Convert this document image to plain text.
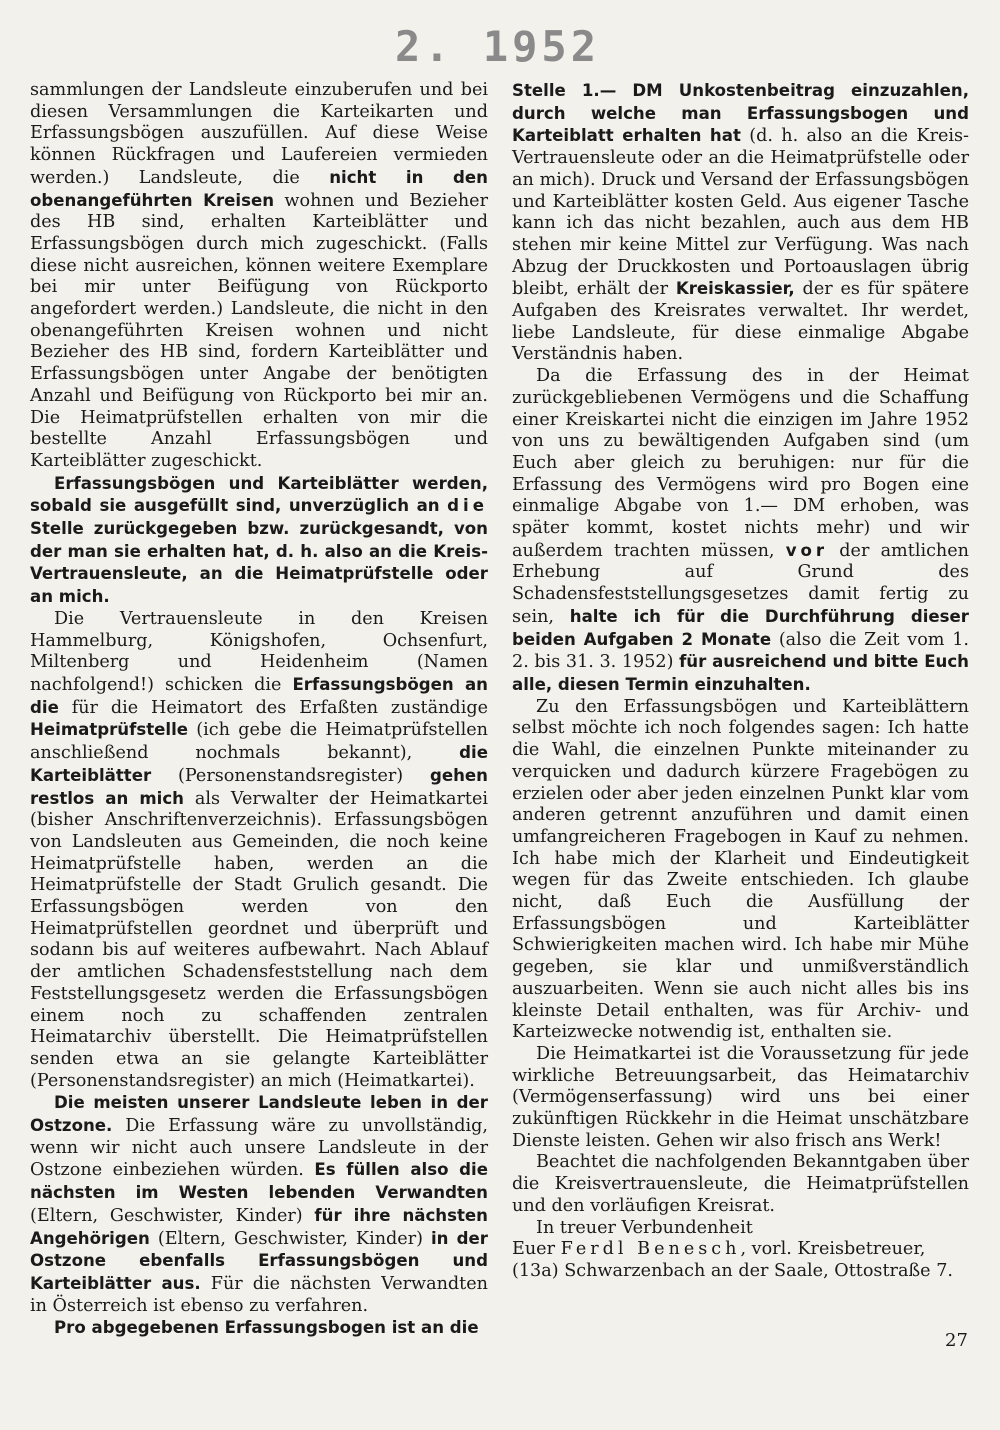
2. 1952

sammlungen der Landsleute einzuberufen und bei diesen Versammlungen die Karteikarten und Erfassungsbögen auszufüllen. Auf diese Weise können Rückfragen und Laufereien vermieden werden.) Landsleute, die nicht in den obenangeführten Kreisen wohnen und Bezieher des HB sind, erhalten Karteiblätter und Erfassungsbögen durch mich zugeschickt. (Falls diese nicht ausreichen, können weitere Exemplare bei mir unter Beifügung von Rückporto angefordert werden.) Landsleute, die nicht in den obenangeführten Kreisen wohnen und nicht Bezieher des HB sind, fordern Karteiblätter und Erfassungsbögen unter Angabe der benötigten Anzahl und Beifügung von Rückporto bei mir an. Die Heimatprüfstellen erhalten von mir die bestellte Anzahl Erfassungsbögen und Karteiblätter zugeschickt.

Erfassungsbögen und Karteiblätter werden, sobald sie ausgefüllt sind, unverzüglich an die Stelle zurückgegeben bzw. zurückgesandt, von der man sie erhalten hat, d. h. also an die Kreis-Vertrauensleute, an die Heimatprüfstelle oder an mich.

Die Vertrauensleute in den Kreisen Hammelburg, Königshofen, Ochsenfurt, Miltenberg und Heidenheim (Namen nachfolgend!) schicken die Erfassungsbögen an die für die Heimatort des Erfaßten zuständige Heimatprüfstelle (ich gebe die Heimatprüfstellen anschließend nochmals bekannt), die Karteiblätter (Personenstandsregister) gehen restlos an mich als Verwalter der Heimatkartei (bisher Anschriftenverzeichnis). Erfassungsbögen von Landsleuten aus Gemeinden, die noch keine Heimatprüfstelle haben, werden an die Heimatprüfstelle der Stadt Grulich gesandt. Die Erfassungsbögen werden von den Heimatprüfstellen geordnet und überprüft und sodann bis auf weiteres aufbewahrt. Nach Ablauf der amtlichen Schadensfeststellung nach dem Feststellungsgesetz werden die Erfassungsbögen einem noch zu schaffenden zentralen Heimatarchiv überstellt. Die Heimatprüfstellen senden etwa an sie gelangte Karteiblätter (Personenstandsregister) an mich (Heimatkartei).

Die meisten unserer Landsleute leben in der Ostzone. Die Erfassung wäre zu unvollständig, wenn wir nicht auch unsere Landsleute in der Ostzone einbeziehen würden. Es füllen also die nächsten im Westen lebenden Verwandten (Eltern, Geschwister, Kinder) für ihre nächsten Angehörigen (Eltern, Geschwister, Kinder) in der Ostzone ebenfalls Erfassungsbögen und Karteiblätter aus. Für die nächsten Verwandten in Österreich ist ebenso zu verfahren.

Pro abgegebenen Erfassungsbogen ist an die

Stelle 1.— DM Unkostenbeitrag einzuzahlen, durch welche man Erfassungsbogen und Karteiblatt erhalten hat (d. h. also an die Kreis-Vertrauensleute oder an die Heimatprüfstelle oder an mich). Druck und Versand der Erfassungsbögen und Karteiblätter kosten Geld. Aus eigener Tasche kann ich das nicht bezahlen, auch aus dem HB stehen mir keine Mittel zur Verfügung. Was nach Abzug der Druckkosten und Portoauslagen übrig bleibt, erhält der Kreiskassier, der es für spätere Aufgaben des Kreisrates verwaltet. Ihr werdet, liebe Landsleute, für diese einmalige Abgabe Verständnis haben.

Da die Erfassung des in der Heimat zurückgebliebenen Vermögens und die Schaffung einer Kreiskartei nicht die einzigen im Jahre 1952 von uns zu bewältigenden Aufgaben sind (um Euch aber gleich zu beruhigen: nur für die Erfassung des Vermögens wird pro Bogen eine einmalige Abgabe von 1.— DM erhoben, was später kommt, kostet nichts mehr) und wir außerdem trachten müssen, vor der amtlichen Erhebung auf Grund des Schadensfeststellungsgesetzes damit fertig zu sein, halte ich für die Durchführung dieser beiden Aufgaben 2 Monate (also die Zeit vom 1. 2. bis 31. 3. 1952) für ausreichend und bitte Euch alle, diesen Termin einzuhalten.

Zu den Erfassungsbögen und Karteiblättern selbst möchte ich noch folgendes sagen: Ich hatte die Wahl, die einzelnen Punkte miteinander zu verquicken und dadurch kürzere Fragebögen zu erzielen oder aber jeden einzelnen Punkt klar vom anderen getrennt anzuführen und damit einen umfangreicheren Fragebogen in Kauf zu nehmen. Ich habe mich der Klarheit und Eindeutigkeit wegen für das Zweite entschieden. Ich glaube nicht, daß Euch die Ausfüllung der Erfassungsbögen und Karteiblätter Schwierigkeiten machen wird. Ich habe mir Mühe gegeben, sie klar und unmißverständlich auszuarbeiten. Wenn sie auch nicht alles bis ins kleinste Detail enthalten, was für Archiv- und Karteizwecke notwendig ist, enthalten sie.

Die Heimatkartei ist die Voraussetzung für jede wirkliche Betreuungsarbeit, das Heimatarchiv (Vermögenserfassung) wird uns bei einer zukünftigen Rückkehr in die Heimat unschätzbare Dienste leisten. Gehen wir also frisch ans Werk!

Beachtet die nachfolgenden Bekanntgaben über die Kreisvertrauensleute, die Heimatprüfstellen und den vorläufigen Kreisrat.

In treuer Verbundenheit

Euer Ferdl Benesch, vorl. Kreisbetreuer,

(13a) Schwarzenbach an der Saale, Ottostraße 7.

27
